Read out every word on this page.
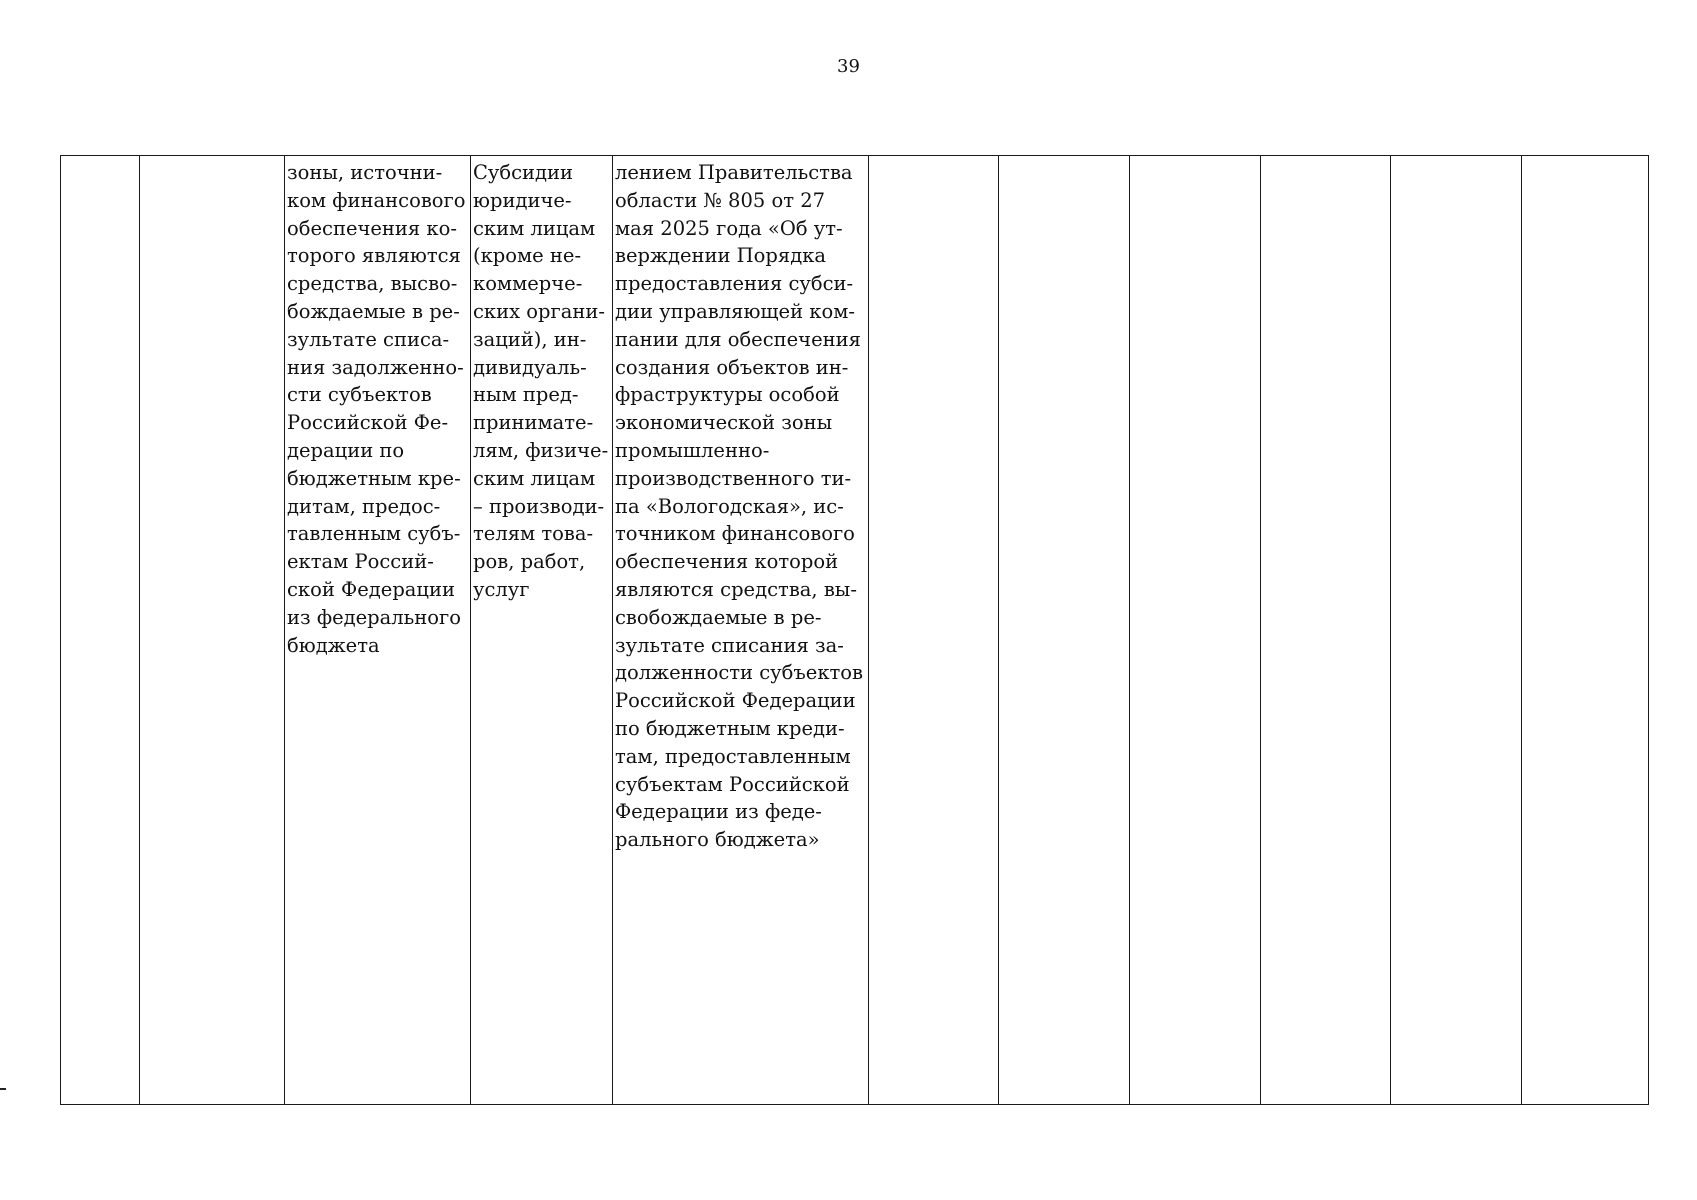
39
		зоны, источни-
ком финансового
обеспечения ко-
торого являются
средства, высво-
бождаемые в ре-
зультате списа-
ния задолженно-
сти субъектов
Российской Фе-
дерации по
бюджетным кре-
дитам, предос-
тавленным субъ-
ектам Россий-
ской Федерации
из федерального
бюджета	Субсидии
юридиче-
ским лицам
(кроме не-
коммерче-
ских органи-
заций), ин-
дивидуаль-
ным пред-
принимате-
лям, физиче-
ским лицам
– производи-
телям това-
ров, работ,
услуг	лением Правительства
области № 805 от 27
мая 2025 года «Об ут-
верждении Порядка
предоставления субси-
дии управляющей ком-
пании для обеспечения
создания объектов ин-
фраструктуры особой
экономической зоны
промышленно-
производственного ти-
па «Вологодская», ис-
точником финансового
обеспечения которой
являются средства, вы-
свобождаемые в ре-
зультате списания за-
долженности субъектов
Российской Федерации
по бюджетным креди-
там, предоставленным
субъектам Российской
Федерации из феде-
рального бюджета»						
